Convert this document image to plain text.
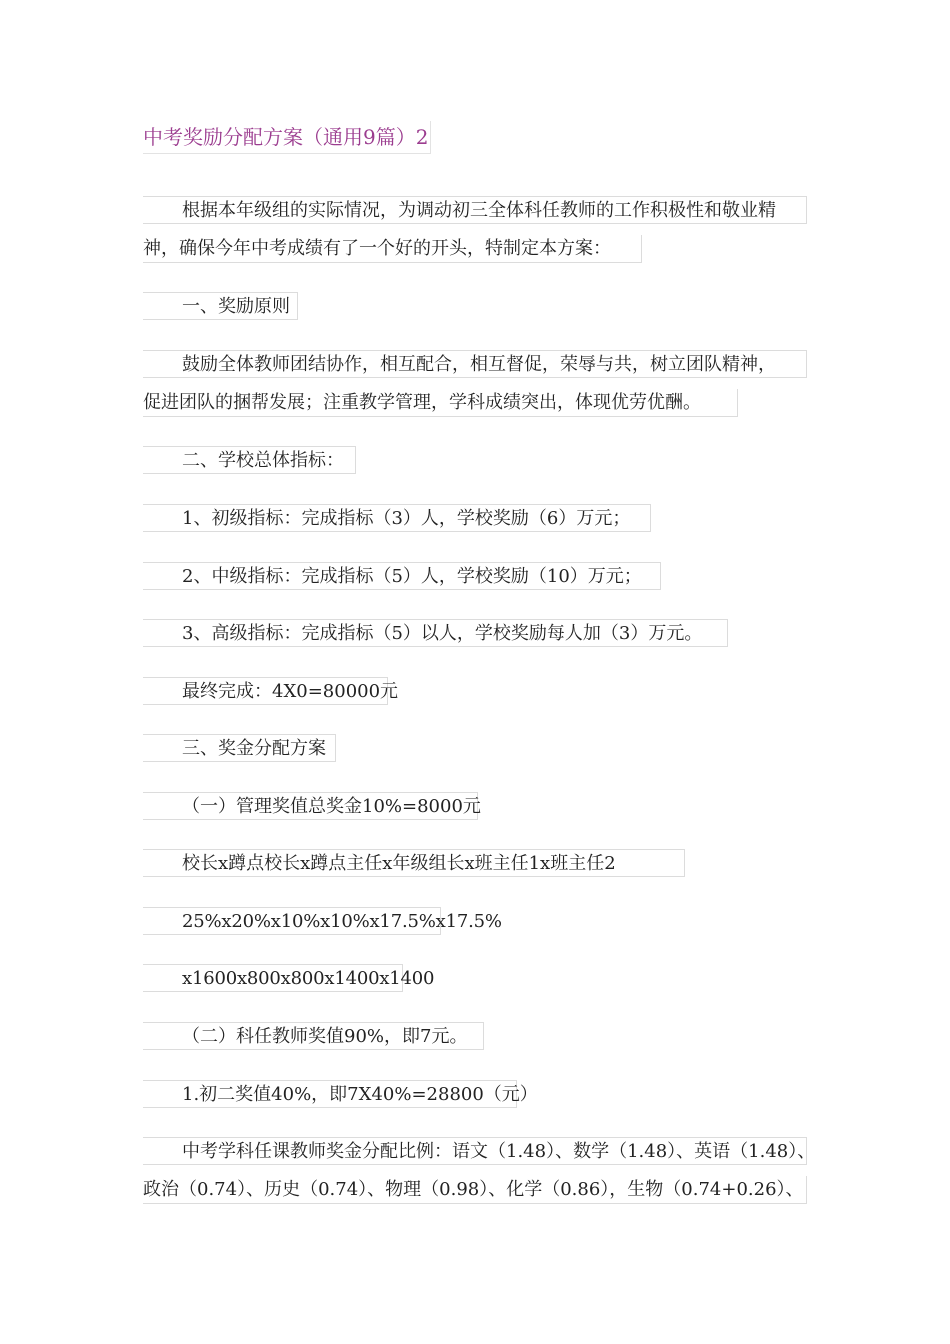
中考奖励分配方案（通用9篇）2
根据本年级组的实际情况，为调动初三全体科任教师的工作积极性和敬业精
神，确保今年中考成绩有了一个好的开头，特制定本方案：
一、奖励原则
鼓励全体教师团结协作，相互配合，相互督促，荣辱与共，树立团队精神，
促进团队的捆帮发展；注重教学管理，学科成绩突出，体现优劳优酬。
二、学校总体指标：
1、初级指标：完成指标（3）人，学校奖励（6）万元；
2、中级指标：完成指标（5）人，学校奖励（10）万元；
3、高级指标：完成指标（5）以人，学校奖励每人加（3）万元。
最终完成：4X0=80000元
三、奖金分配方案
（一）管理奖值总奖金10%=8000元
校长x蹲点校长x蹲点主任x年级组长x班主任1x班主任2
25%x20%x10%x10%x17.5%x17.5%
x1600x800x800x1400x1400
（二）科任教师奖值90%，即7元。
1.初二奖值40%，即7X40%=28800（元）
中考学科任课教师奖金分配比例：语文（1.48）、数学（1.48）、英语（1.48）、
政治（0.74）、历史（0.74）、物理（0.98）、化学（0.86），生物（0.74+0.26）、
